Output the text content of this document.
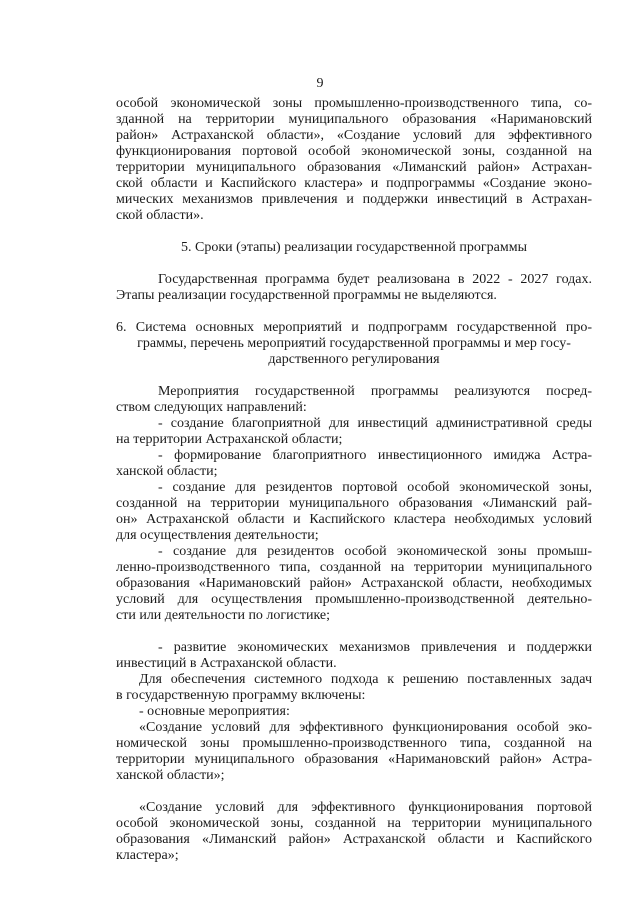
9
особой экономической зоны промышленно-производственного типа, со-
зданной на территории муниципального образования «Наримановский
район» Астраханской области», «Создание условий для эффективного
функционирования портовой особой экономической зоны, созданной на
территории муниципального образования «Лиманский район» Астрахан-
ской области и Каспийского кластера» и подпрограммы «Создание эконо-
мических механизмов привлечения и поддержки инвестиций в Астрахан-
ской области».
5. Сроки (этапы) реализации государственной программы
Государственная программа будет реализована в 2022 - 2027 годах.
Этапы реализации государственной программы не выделяются.
6. Система основных мероприятий и подпрограмм государственной про-
граммы, перечень мероприятий государственной программы и мер госу-
дарственного регулирования
Мероприятия государственной программы реализуются посред-
ством следующих направлений:
- создание благоприятной для инвестиций административной среды
на территории Астраханской области;
- формирование благоприятного инвестиционного имиджа Астра-
ханской области;
- создание для резидентов портовой особой экономической зоны,
созданной на территории муниципального образования «Лиманский рай-
он» Астраханской области и Каспийского кластера необходимых условий
для осуществления деятельности;
- создание для резидентов особой экономической зоны промыш-
ленно-производственного типа, созданной на территории муниципального
образования «Наримановский район» Астраханской области, необходимых
условий для осуществления промышленно-производственной деятельно-
сти или деятельности по логистике;
- развитие экономических механизмов привлечения и поддержки
инвестиций в Астраханской области.
Для обеспечения системного подхода к решению поставленных задач
в государственную программу включены:
- основные мероприятия:
«Создание условий для эффективного функционирования особой эко-
номической зоны промышленно-производственного типа, созданной на
территории муниципального образования «Наримановский район» Астра-
ханской области»;
«Создание условий для эффективного функционирования портовой
особой экономической зоны, созданной на территории муниципального
образования «Лиманский район» Астраханской области и Каспийского
кластера»;
